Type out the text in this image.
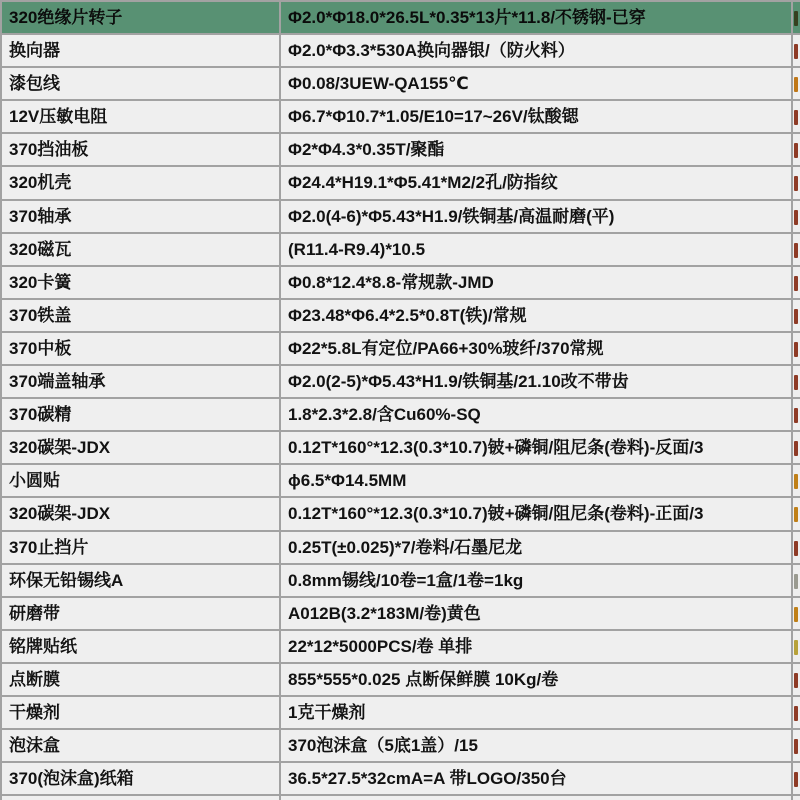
320绝缘片转子	Φ2.0*Φ18.0*26.5L*0.35*13片*11.8/不锈钢-已穿
换向器	Φ2.0*Φ3.3*530A换向器银/（防火料）
漆包线	Φ0.08/3UEW-QA155℃
12V压敏电阻	Φ6.7*Φ10.7*1.05/E10=17~26V/钛酸锶
370挡油板	Φ2*Φ4.3*0.35T/聚酯
320机壳	Φ24.4*H19.1*Φ5.41*M2/2孔/防指纹
370轴承	Φ2.0(4-6)*Φ5.43*H1.9/铁铜基/高温耐磨(平)
320磁瓦	(R11.4-R9.4)*10.5
320卡簧	Φ0.8*12.4*8.8-常规款-JMD
370铁盖	Φ23.48*Φ6.4*2.5*0.8T(铁)/常规
370中板	Φ22*5.8L有定位/PA66+30%玻纤/370常规
370端盖轴承	Φ2.0(2-5)*Φ5.43*H1.9/铁铜基/21.10改不带齿
370碳精	1.8*2.3*2.8/含Cu60%-SQ
320碳架-JDX	0.12T*160°*12.3(0.3*10.7)铍+磷铜/阻尼条(卷料)-反面/3
小圆贴	ϕ6.5*Φ14.5MM
320碳架-JDX	0.12T*160°*12.3(0.3*10.7)铍+磷铜/阻尼条(卷料)-正面/3
370止挡片	0.25T(±0.025)*7/卷料/石墨尼龙
环保无铅锡线A	0.8mm锡线/10卷=1盒/1卷=1kg
研磨带	A012B(3.2*183M/卷)黄色
铭牌贴纸	22*12*5000PCS/卷 单排
点断膜	855*555*0.025 点断保鲜膜 10Kg/卷
干燥剂	1克干燥剂
泡沫盒	370泡沫盒（5底1盖）/15
370(泡沫盒)纸箱	36.5*27.5*32cmA=A 带LOGO/350台
